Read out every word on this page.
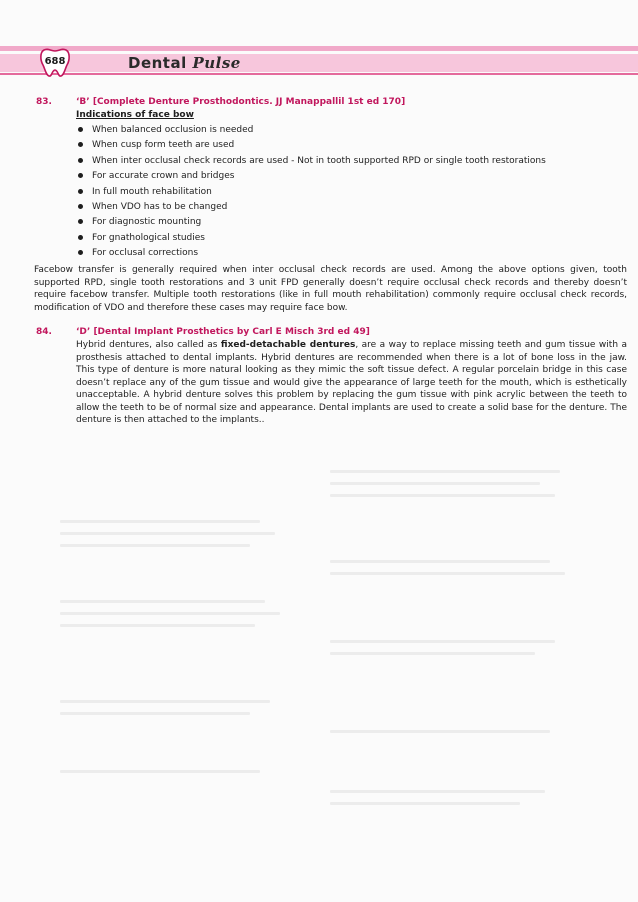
688	Dental Pulse
83.	‘B’ [Complete Denture Prosthodontics. JJ Manappallil 1st ed 170]
Indications of face bow
When balanced occlusion is needed
When cusp form teeth are used
When inter occlusal check records are used - Not in tooth supported RPD or single tooth restorations
For accurate crown and bridges
In full mouth rehabilitation
When VDO has to be changed
For diagnostic mounting
For gnathological studies
For occlusal corrections
Facebow transfer is generally required when inter occlusal check records are used. Among the above options given, tooth supported RPD, single tooth restorations and 3 unit FPD generally doesn’t require occlusal check records and thereby doesn’t require facebow transfer. Multiple tooth restorations (like in full mouth rehabilitation) commonly require occlusal check records, modification of VDO and therefore these cases may require face bow.
84.	‘D’ [Dental Implant Prosthetics by Carl E Misch 3rd ed 49]
Hybrid dentures, also called as fixed-detachable dentures, are a way to replace missing teeth and gum tissue with a prosthesis attached to dental implants. Hybrid dentures are recommended when there is a lot of bone loss in the jaw. This type of denture is more natural looking as they mimic the soft tissue defect. A regular porcelain bridge in this case doesn’t replace any of the gum tissue and would give the appearance of large teeth for the mouth, which is esthetically unacceptable. A hybrid denture solves this problem by replacing the gum tissue with pink acrylic between the teeth to allow the teeth to be of normal size and appearance. Dental implants are used to create a solid base for the denture. The denture is then attached to the implants..
